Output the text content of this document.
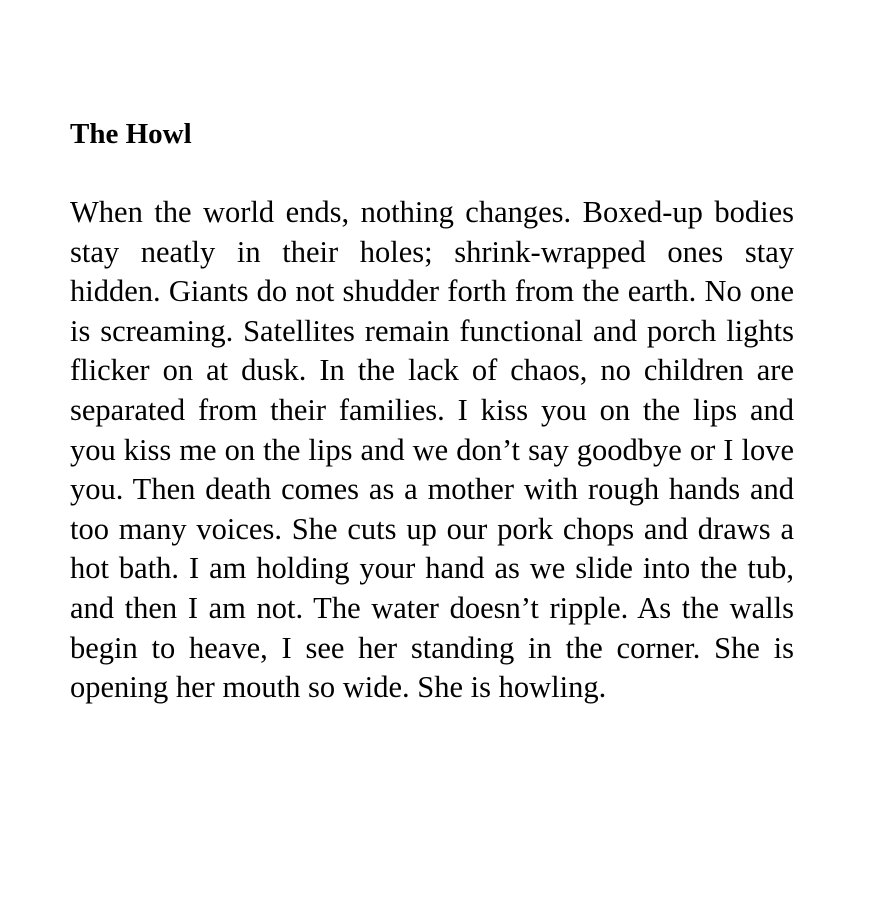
The Howl

When the world ends, nothing changes. Boxed-up bodies stay neatly in their holes; shrink-wrapped ones stay hidden. Giants do not shudder forth from the earth. No one is screaming. Satellites remain functional and porch lights flicker on at dusk. In the lack of chaos, no children are separated from their families. I kiss you on the lips and you kiss me on the lips and we don’t say goodbye or I love you. Then death comes as a mother with rough hands and too many voices. She cuts up our pork chops and draws a hot bath. I am holding your hand as we slide into the tub, and then I am not. The water doesn’t ripple. As the walls begin to heave, I see her standing in the corner. She is opening her mouth so wide. She is howling.
